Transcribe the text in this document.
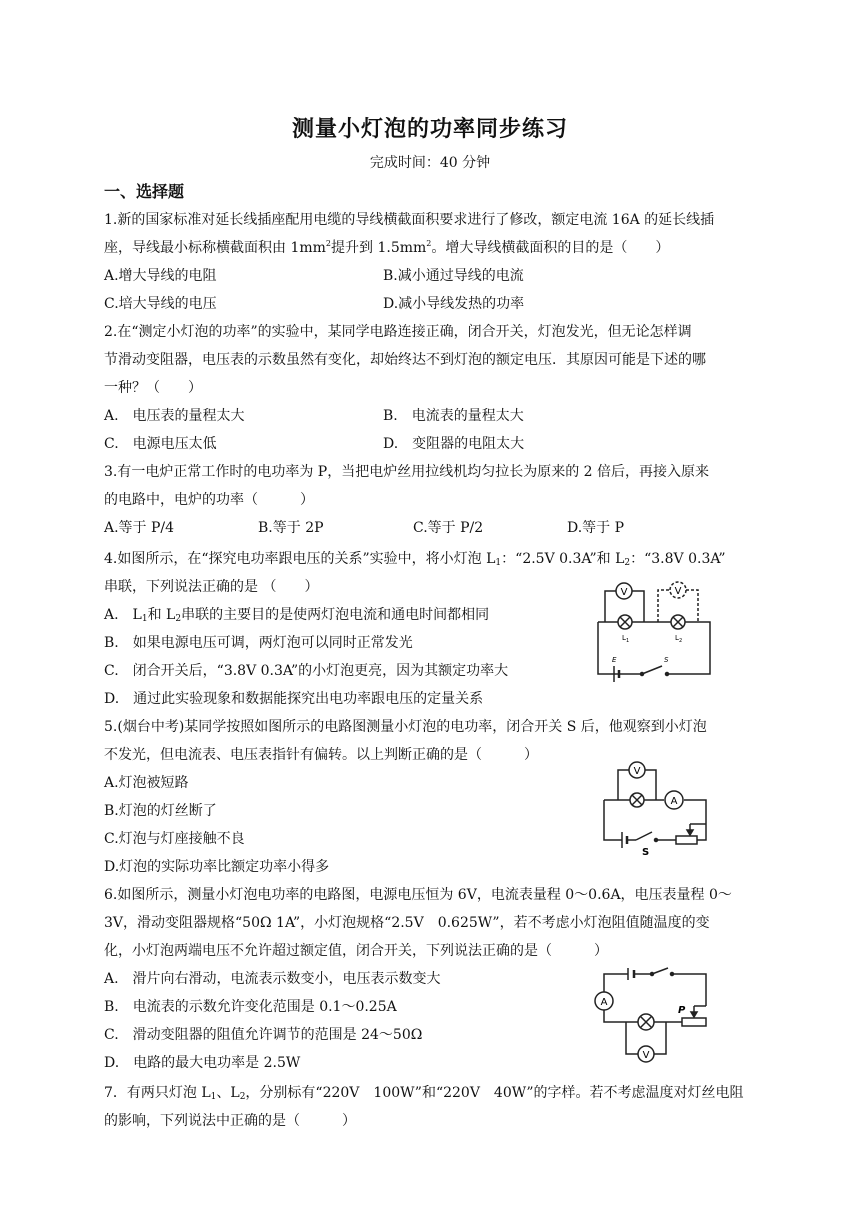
测量小灯泡的功率同步练习
完成时间：40 分钟
一、选择题
1.新的国家标准对延长线插座配用电缆的导线横截面积要求进行了修改，额定电流 16A 的延长线插
座，导线最小标称横截面积由 $1mm^2$提升到 $1.5mm^2$。增大导线横截面积的目的是（　　）
A.增大导线的电阻	B.减小通过导线的电流
C.培大导线的电压	D.减小导线发热的功率
2.在“测定小灯泡的功率”的实验中，某同学电路连接正确，闭合开关，灯泡发光，但无论怎样调
节滑动变阻器，电压表的示数虽然有变化，却始终达不到灯泡的额定电压．其原因可能是下述的哪
一种？（　　）
A.　电压表的量程太大	B.　电流表的量程太大
C.　电源电压太低	D.　变阻器的电阻太大
3.有一电炉正常工作时的电功率为 P，当把电炉丝用拉线机均匀拉长为原来的 2 倍后，再接入原来
的电路中，电炉的功率（　　　）
A.等于 P/4	B.等于 2P	C.等于 P/2	D.等于 P
4.如图所示，在“探究电功率跟电压的关系”实验中，将小灯泡 $L_1$：“2.5V 0.3A”和 $L_2$：“3.8V 0.3A”
串联，下列说法正确的是 （　　）
A.　$L_1$和 $L_2$串联的主要目的是使两灯泡电流和通电时间都相同
B.　如果电源电压可调，两灯泡可以同时正常发光
C.　闭合开关后，“3.8V 0.3A”的小灯泡更亮，因为其额定功率大
D.　通过此实验现象和数据能探究出电功率跟电压的定量关系
V	V
L 1	L 2
E	S
5.(烟台中考)某同学按照如图所示的电路图测量小灯泡的电功率，闭合开关 S 后，他观察到小灯泡
不发光，但电流表、电压表指针有偏转。以上判断正确的是（　　　）
A.灯泡被短路
B.灯泡的灯丝断了
C.灯泡与灯座接触不良
D.灯泡的实际功率比额定功率小得多
V
A
S
6.如图所示，测量小灯泡电功率的电路图，电源电压恒为 6V，电流表量程 0～0.6A，电压表量程 0～
3V，滑动变阻器规格“50Ω 1A”，小灯泡规格“2.5V　0.625W”，若不考虑小灯泡阻值随温度的变
化，小灯泡两端电压不允许超过额定值，闭合开关，下列说法正确的是（　　　）
A.　滑片向右滑动，电流表示数变小，电压表示数变大
B.　电流表的示数允许变化范围是 0.1～0.25A
C.　滑动变阻器的阻值允许调节的范围是 24～50Ω
D.　电路的最大电功率是 2.5W
A
V
P
7．有两只灯泡 $L_1$、$L_2$，分别标有“220V　100W”和“220V　40W”的字样。若不考虑温度对灯丝电阻
的影响，下列说法中正确的是（　　　）
